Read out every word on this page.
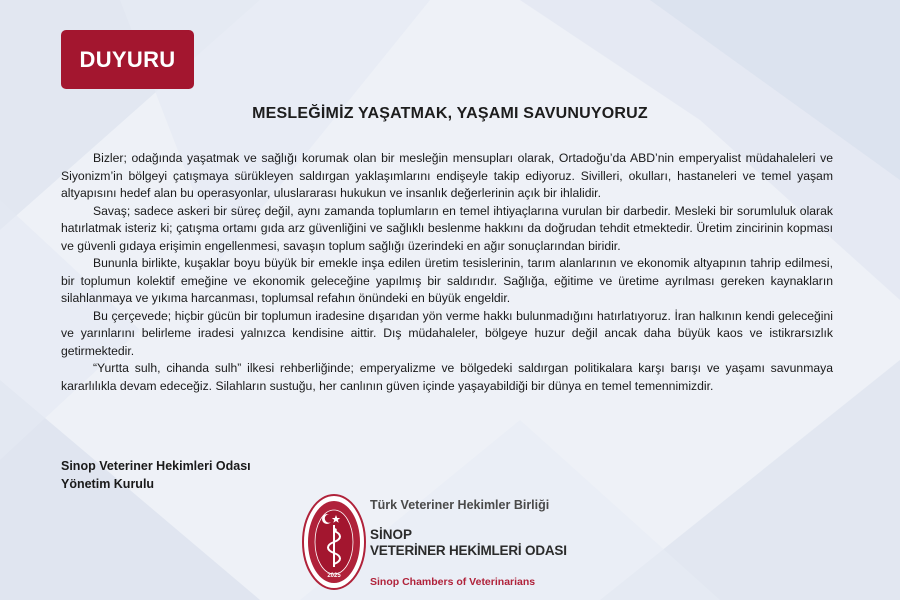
DUYURU
MESLEĞİMİZ YAŞATMAK, YAŞAMI SAVUNUYORUZ

Bizler; odağında yaşatmak ve sağlığı korumak olan bir mesleğin mensupları olarak, Ortadoğu’da ABD’nin emperyalist müdahaleleri ve Siyonizm’in bölgeyi çatışmaya sürükleyen saldırgan yaklaşımlarını endişeyle takip ediyoruz. Sivilleri, okulları, hastaneleri ve temel yaşam altyapısını hedef alan bu operasyonlar, uluslararası hukukun ve insanlık değerlerinin açık bir ihlalidir.

Savaş; sadece askeri bir süreç değil, aynı zamanda toplumların en temel ihtiyaçlarına vurulan bir darbedir. Mesleki bir sorumluluk olarak hatırlatmak isteriz ki; çatışma ortamı gıda arz güvenliğini ve sağlıklı beslenme hakkını da doğrudan tehdit etmektedir. Üretim zincirinin kopması ve güvenli gıdaya erişimin engellenmesi, savaşın toplum sağlığı üzerindeki en ağır sonuçlarından biridir.

Bununla birlikte, kuşaklar boyu büyük bir emekle inşa edilen üretim tesislerinin, tarım alanlarının ve ekonomik altyapının tahrip edilmesi, bir toplumun kolektif emeğine ve ekonomik geleceğine yapılmış bir saldırıdır. Sağlığa, eğitime ve üretime ayrılması gereken kaynakların silahlanmaya ve yıkıma harcanması, toplumsal refahın önündeki en büyük engeldir.

Bu çerçevede; hiçbir gücün bir toplumun iradesine dışarıdan yön verme hakkı bulunmadığını hatırlatıyoruz. İran halkının kendi geleceğini ve yarınlarını belirleme iradesi yalnızca kendisine aittir. Dış müdahaleler, bölgeye huzur değil ancak daha büyük kaos ve istikrarsızlık getirmektedir.

“Yurtta sulh, cihanda sulh” ilkesi rehberliğinde; emperyalizme ve bölgedeki saldırgan politikalara karşı barışı ve yaşamı savunmaya kararlılıkla devam edeceğiz. Silahların sustuğu, her canlının güven içinde yaşayabildiği bir dünya en temel temennimizdir.

Sinop Veteriner Hekimleri Odası
Yönetim Kurulu
2025
Türk Veteriner Hekimler Birliği
SİNOP
VETERİNER HEKİMLERİ ODASI
Sinop Chambers of Veterinarians
